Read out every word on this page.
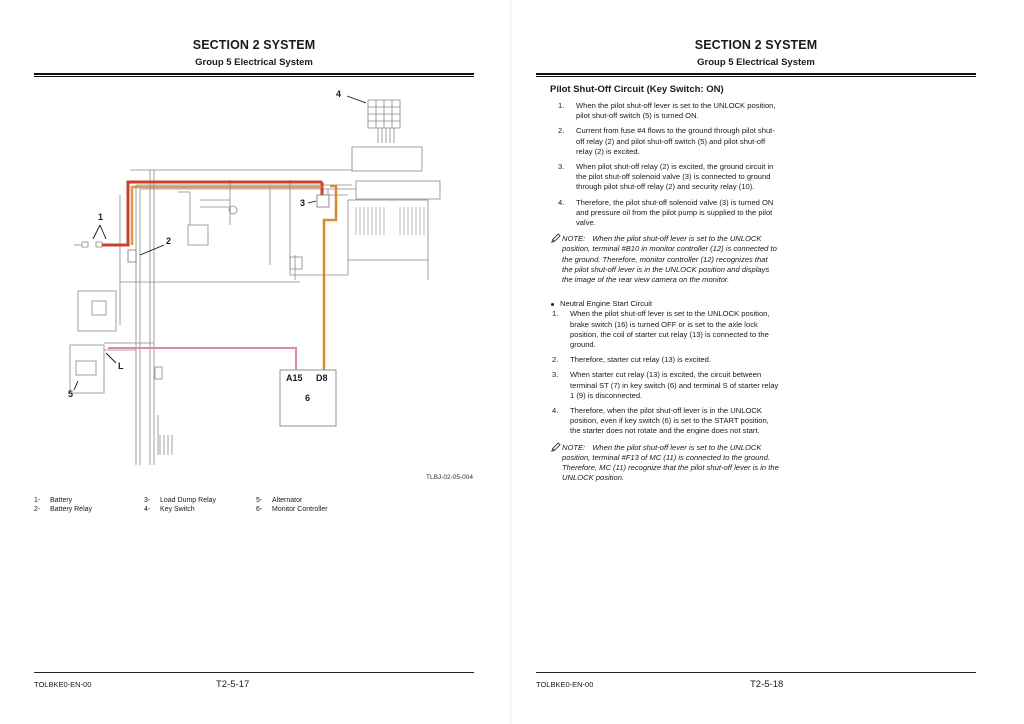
SECTION 2 SYSTEM
Group 5 Electrical System
4
1
2
3
L
5
A15 D8
6
TLBJ-02-05-004
1- Battery
2- Battery Relay
3- Load Dump Relay
4- Key Switch
5- Alternator
6- Monitor Controller
TOLBKE0-EN-00	T2-5-17
SECTION 2 SYSTEM
Group 5 Electrical System
Pilot Shut-Off Circuit (Key Switch: ON)
1. When the pilot shut-off lever is set to the UNLOCK position, pilot shut-off switch (5) is turned ON.
2. Current from fuse #4 flows to the ground through pilot shut-off relay (2) and pilot shut-off switch (5) and pilot shut-off relay (2) is excited.
3. When pilot shut-off relay (2) is excited, the ground circuit in the pilot shut-off solenoid valve (3) is connected to ground through pilot shut-off relay (2) and security relay (10).
4. Therefore, the pilot shut-off solenoid valve (3) is turned ON and pressure oil from the pilot pump is supplied to the pilot valve.
NOTE: When the pilot shut-off lever is set to the UNLOCK position, terminal #B10 in monitor controller (12) is connected to the ground. Therefore, monitor controller (12) recognizes that the pilot shut-off lever is in the UNLOCK position and displays the image of the rear view camera on the monitor.
Neutral Engine Start Circuit
1. When the pilot shut-off lever is set to the UNLOCK position, brake switch (16) is turned OFF or is set to the axle lock position, the coil of starter cut relay (13) is connected to the ground.
2. Therefore, starter cut relay (13) is excited.
3. When starter cut relay (13) is excited, the circuit between terminal ST (7) in key switch (6) and terminal S of starter relay 1 (9) is disconnected.
4. Therefore, when the pilot shut-off lever is in the UNLOCK position, even if key switch (6) is set to the START position, the starter does not rotate and the engine does not start.
NOTE: When the pilot shut-off lever is set to the UNLOCK position, terminal #F13 of MC (11) is connected to the ground. Therefore, MC (11) recognize that the pilot shut-off lever is in the UNLOCK position.
TOLBKE0-EN-00	T2-5-18
